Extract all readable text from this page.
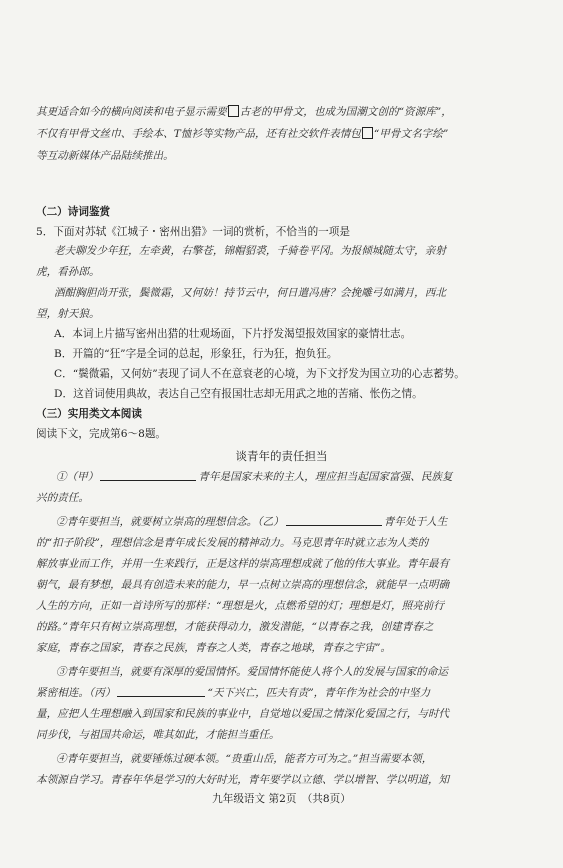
其更适合如今的横向阅读和电子显示需要 古老的甲骨文，也成为国潮文创的“资源库”，
不仅有甲骨文丝巾、手绘本、T恤衫等实物产品，还有社交软件表情包 “甲骨文名字绘”
等互动新媒体产品陆续推出。
（二）诗词鉴赏
5．下面对苏轼《江城子・密州出猎》一词的赏析，不恰当的一项是
老夫聊发少年狂，左牵黄，右擎苍，锦帽貂裘，千骑卷平冈。为报倾城随太守，亲射
虎，看孙郎。
酒酣胸胆尚开张，鬓微霜，又何妨！持节云中，何日遣冯唐？会挽雕弓如满月，西北
望，射天狼。
A．本词上片描写密州出猎的壮观场面，下片抒发渴望报效国家的豪情壮志。
B．开篇的“狂”字是全词的总起，形象狂，行为狂，抱负狂。
C．“鬓微霜，又何妨”表现了词人不在意衰老的心境，为下文抒发为国立功的心志蓄势。
D．这首词使用典故，表达自己空有报国壮志却无用武之地的苦痛、怅伤之情。
（三）实用类文本阅读
阅读下文，完成第6～8题。
谈青年的责任担当
①（甲）	青年是国家未来的主人，理应担当起国家富强、民族复
兴的责任。
②青年要担当，就要树立崇高的理想信念。（乙）	青年处于人生
的“扣子阶段”，理想信念是青年成长发展的精神动力。马克思青年时就立志为人类的
解放事业而工作，并用一生来践行，正是这样的崇高理想成就了他的伟大事业。青年最有
朝气，最有梦想，最具有创造未来的能力，早一点树立崇高的理想信念，就能早一点明确
人生的方向，正如一首诗所写的那样：“理想是火，点燃希望的灯；理想是灯，照亮前行
的路。”青年只有树立崇高理想，才能获得动力，激发潜能，“以青春之我，创建青春之
家庭，青春之国家，青春之民族，青春之人类，青春之地球，青春之宇宙”。
③青年要担当，就要有深厚的爱国情怀。爱国情怀能使人将个人的发展与国家的命运
紧密相连。（丙）	“天下兴亡，匹夫有责”，青年作为社会的中坚力
量，应把人生理想融入到国家和民族的事业中，自觉地以爱国之情深化爱国之行，与时代
同步伐，与祖国共命运，唯其如此，才能担当重任。
④青年要担当，就要锤炼过硬本领。“贵重山岳，能者方可为之。”担当需要本领，
本领源自学习。青春年华是学习的大好时光，青年要学以立德、学以增智、学以明道，知
九年级语文 第2页　（共8页）
